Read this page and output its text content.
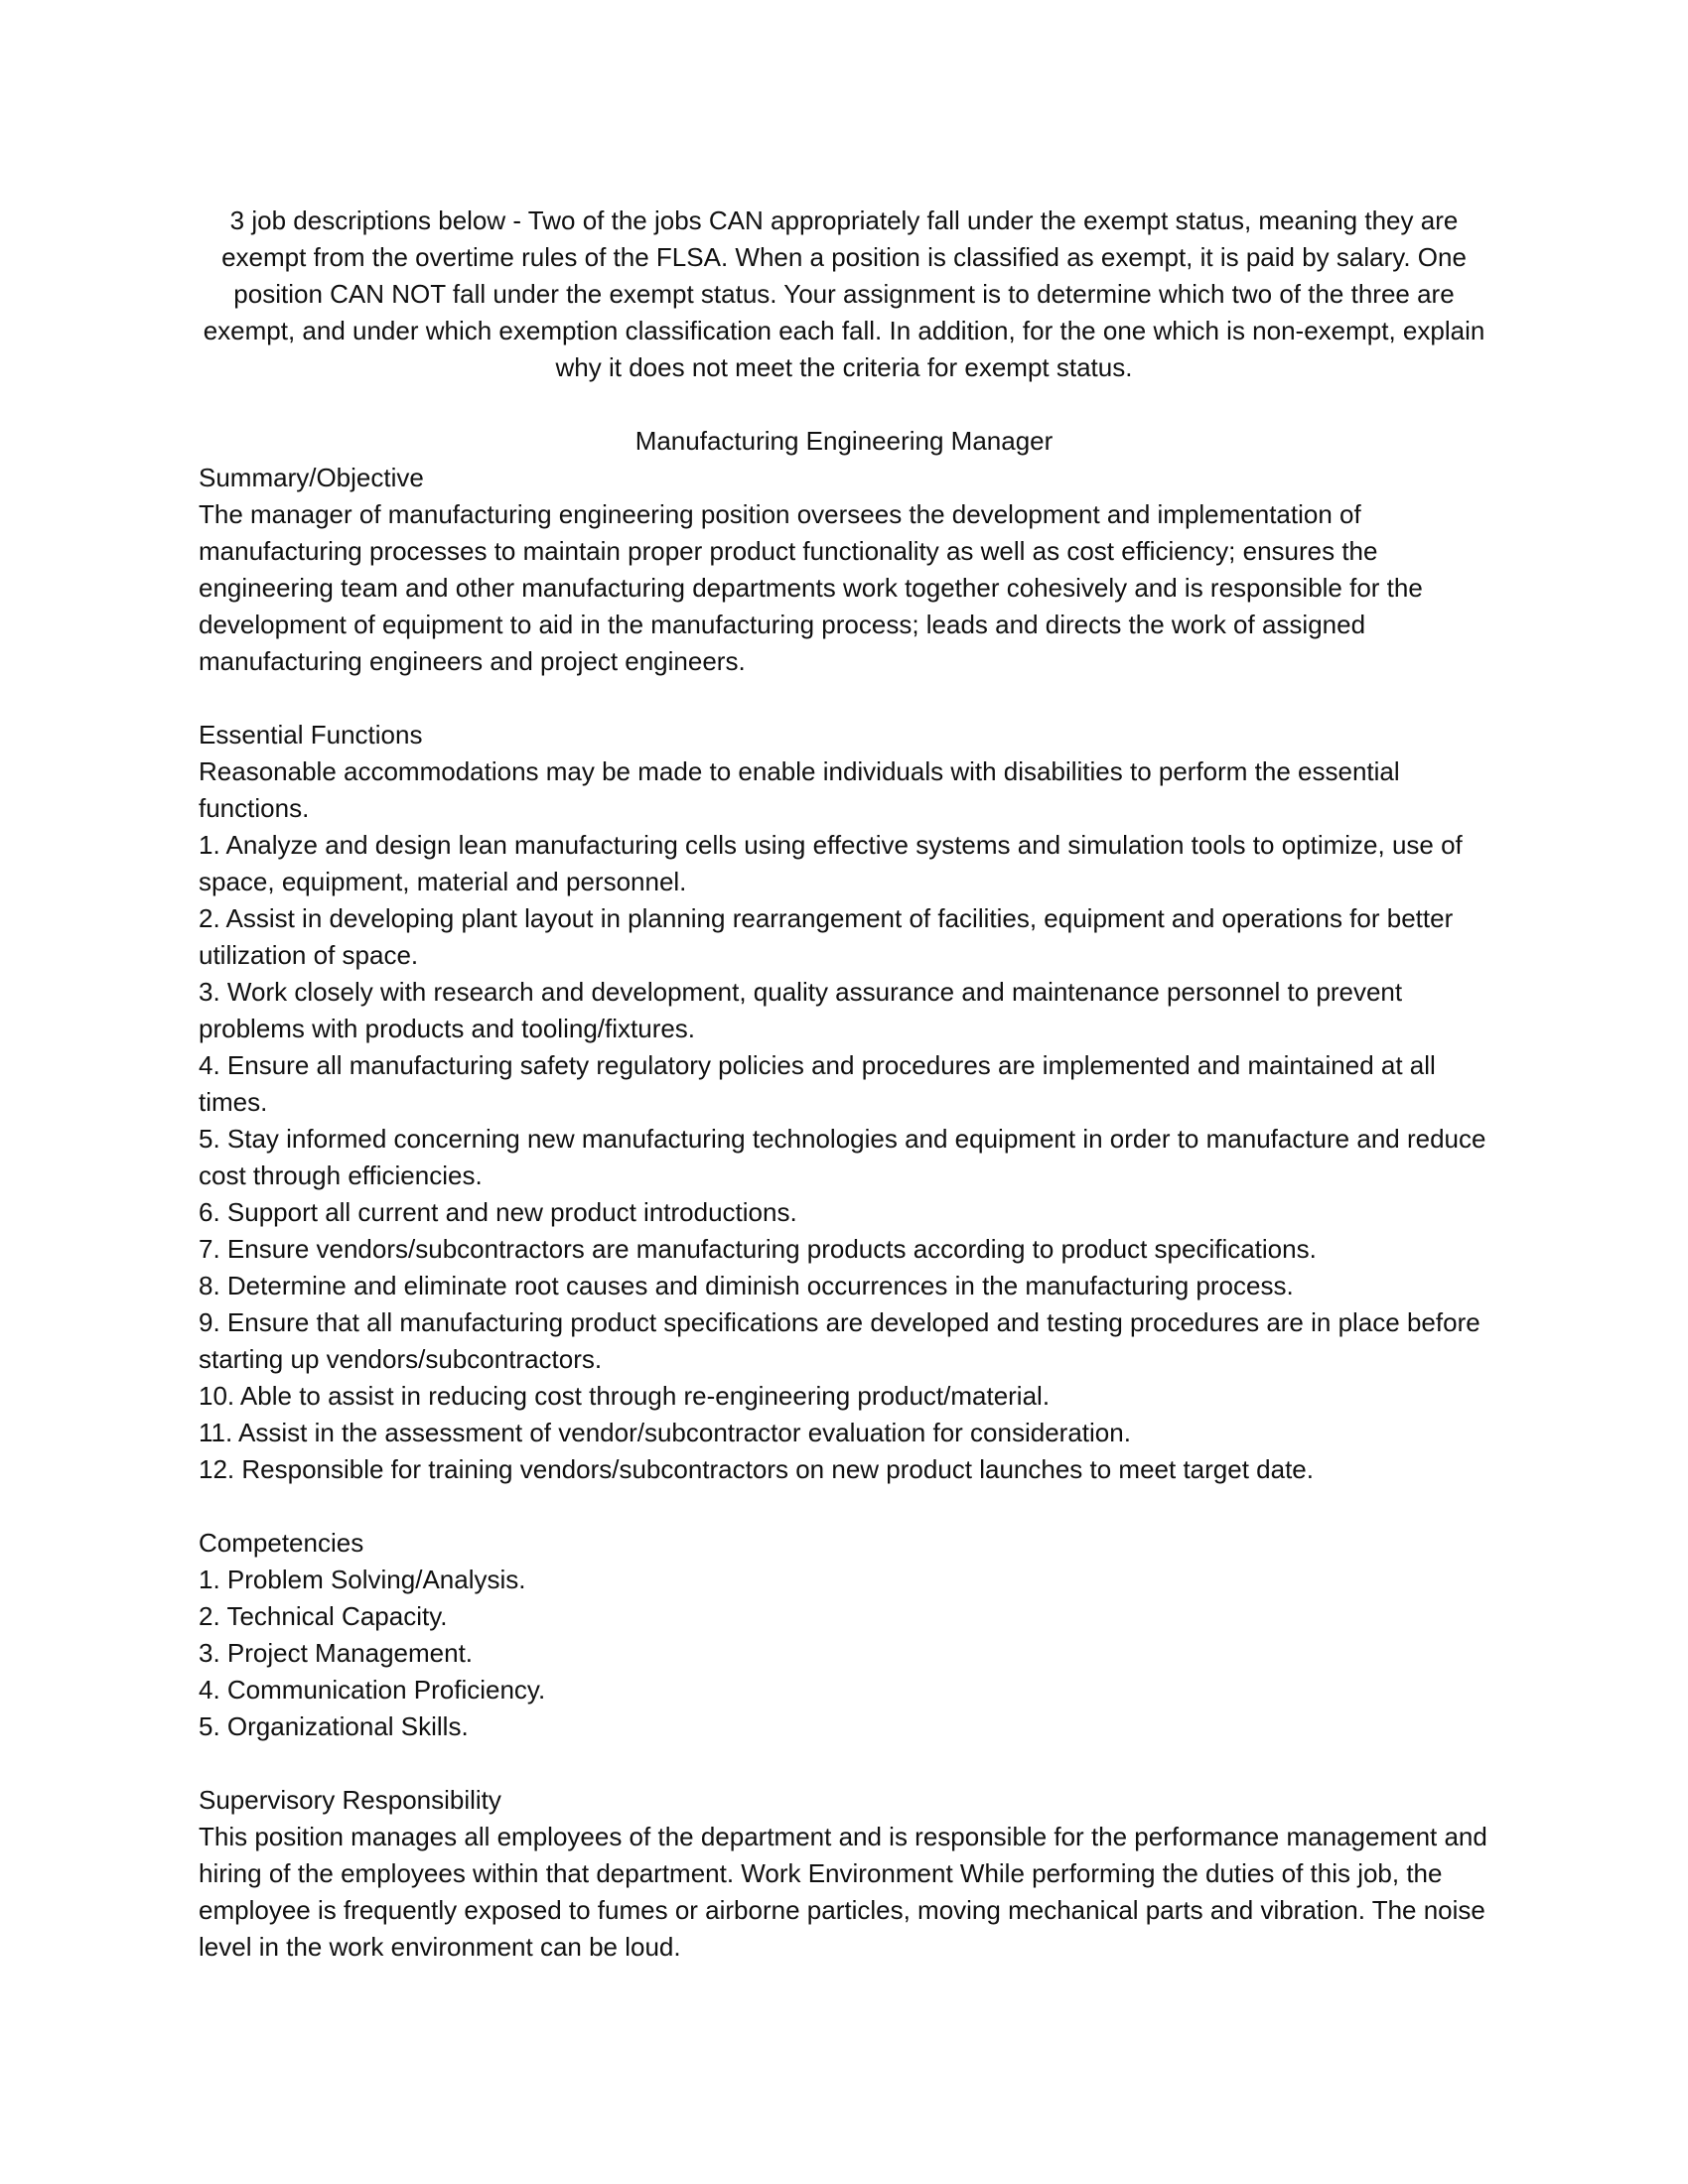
3 job descriptions below - Two of the jobs CAN appropriately fall under the exempt status, meaning they are exempt from the overtime rules of the FLSA. When a position is classified as exempt, it is paid by salary. One position CAN NOT fall under the exempt status. Your assignment is to determine which two of the three are exempt, and under which exemption classification each fall. In addition, for the one which is non-exempt, explain why it does not meet the criteria for exempt status.

Manufacturing Engineering Manager
Summary/Objective

The manager of manufacturing engineering position oversees the development and implementation of manufacturing processes to maintain proper product functionality as well as cost efficiency; ensures the engineering team and other manufacturing departments work together cohesively and is responsible for the development of equipment to aid in the manufacturing process; leads and directs the work of assigned manufacturing engineers and project engineers.

Essential Functions

Reasonable accommodations may be made to enable individuals with disabilities to perform the essential functions.

1. Analyze and design lean manufacturing cells using effective systems and simulation tools to optimize, use of space, equipment, material and personnel.
2. Assist in developing plant layout in planning rearrangement of facilities, equipment and operations for better utilization of space.
3. Work closely with research and development, quality assurance and maintenance personnel to prevent problems with products and tooling/fixtures.
4. Ensure all manufacturing safety regulatory policies and procedures are implemented and maintained at all times.
5. Stay informed concerning new manufacturing technologies and equipment in order to manufacture and reduce cost through efficiencies.
6. Support all current and new product introductions.
7. Ensure vendors/subcontractors are manufacturing products according to product specifications.
8. Determine and eliminate root causes and diminish occurrences in the manufacturing process.
9. Ensure that all manufacturing product specifications are developed and testing procedures are in place before starting up vendors/subcontractors.
10. Able to assist in reducing cost through re-engineering product/material.
11. Assist in the assessment of vendor/subcontractor evaluation for consideration.
12. Responsible for training vendors/subcontractors on new product launches to meet target date.
Competencies
1. Problem Solving/Analysis.
2. Technical Capacity.
3. Project Management.
4. Communication Proficiency.
5. Organizational Skills.
Supervisory Responsibility

This position manages all employees of the department and is responsible for the performance management and hiring of the employees within that department. Work Environment While performing the duties of this job, the employee is frequently exposed to fumes or airborne particles, moving mechanical parts and vibration. The noise level in the work environment can be loud.
